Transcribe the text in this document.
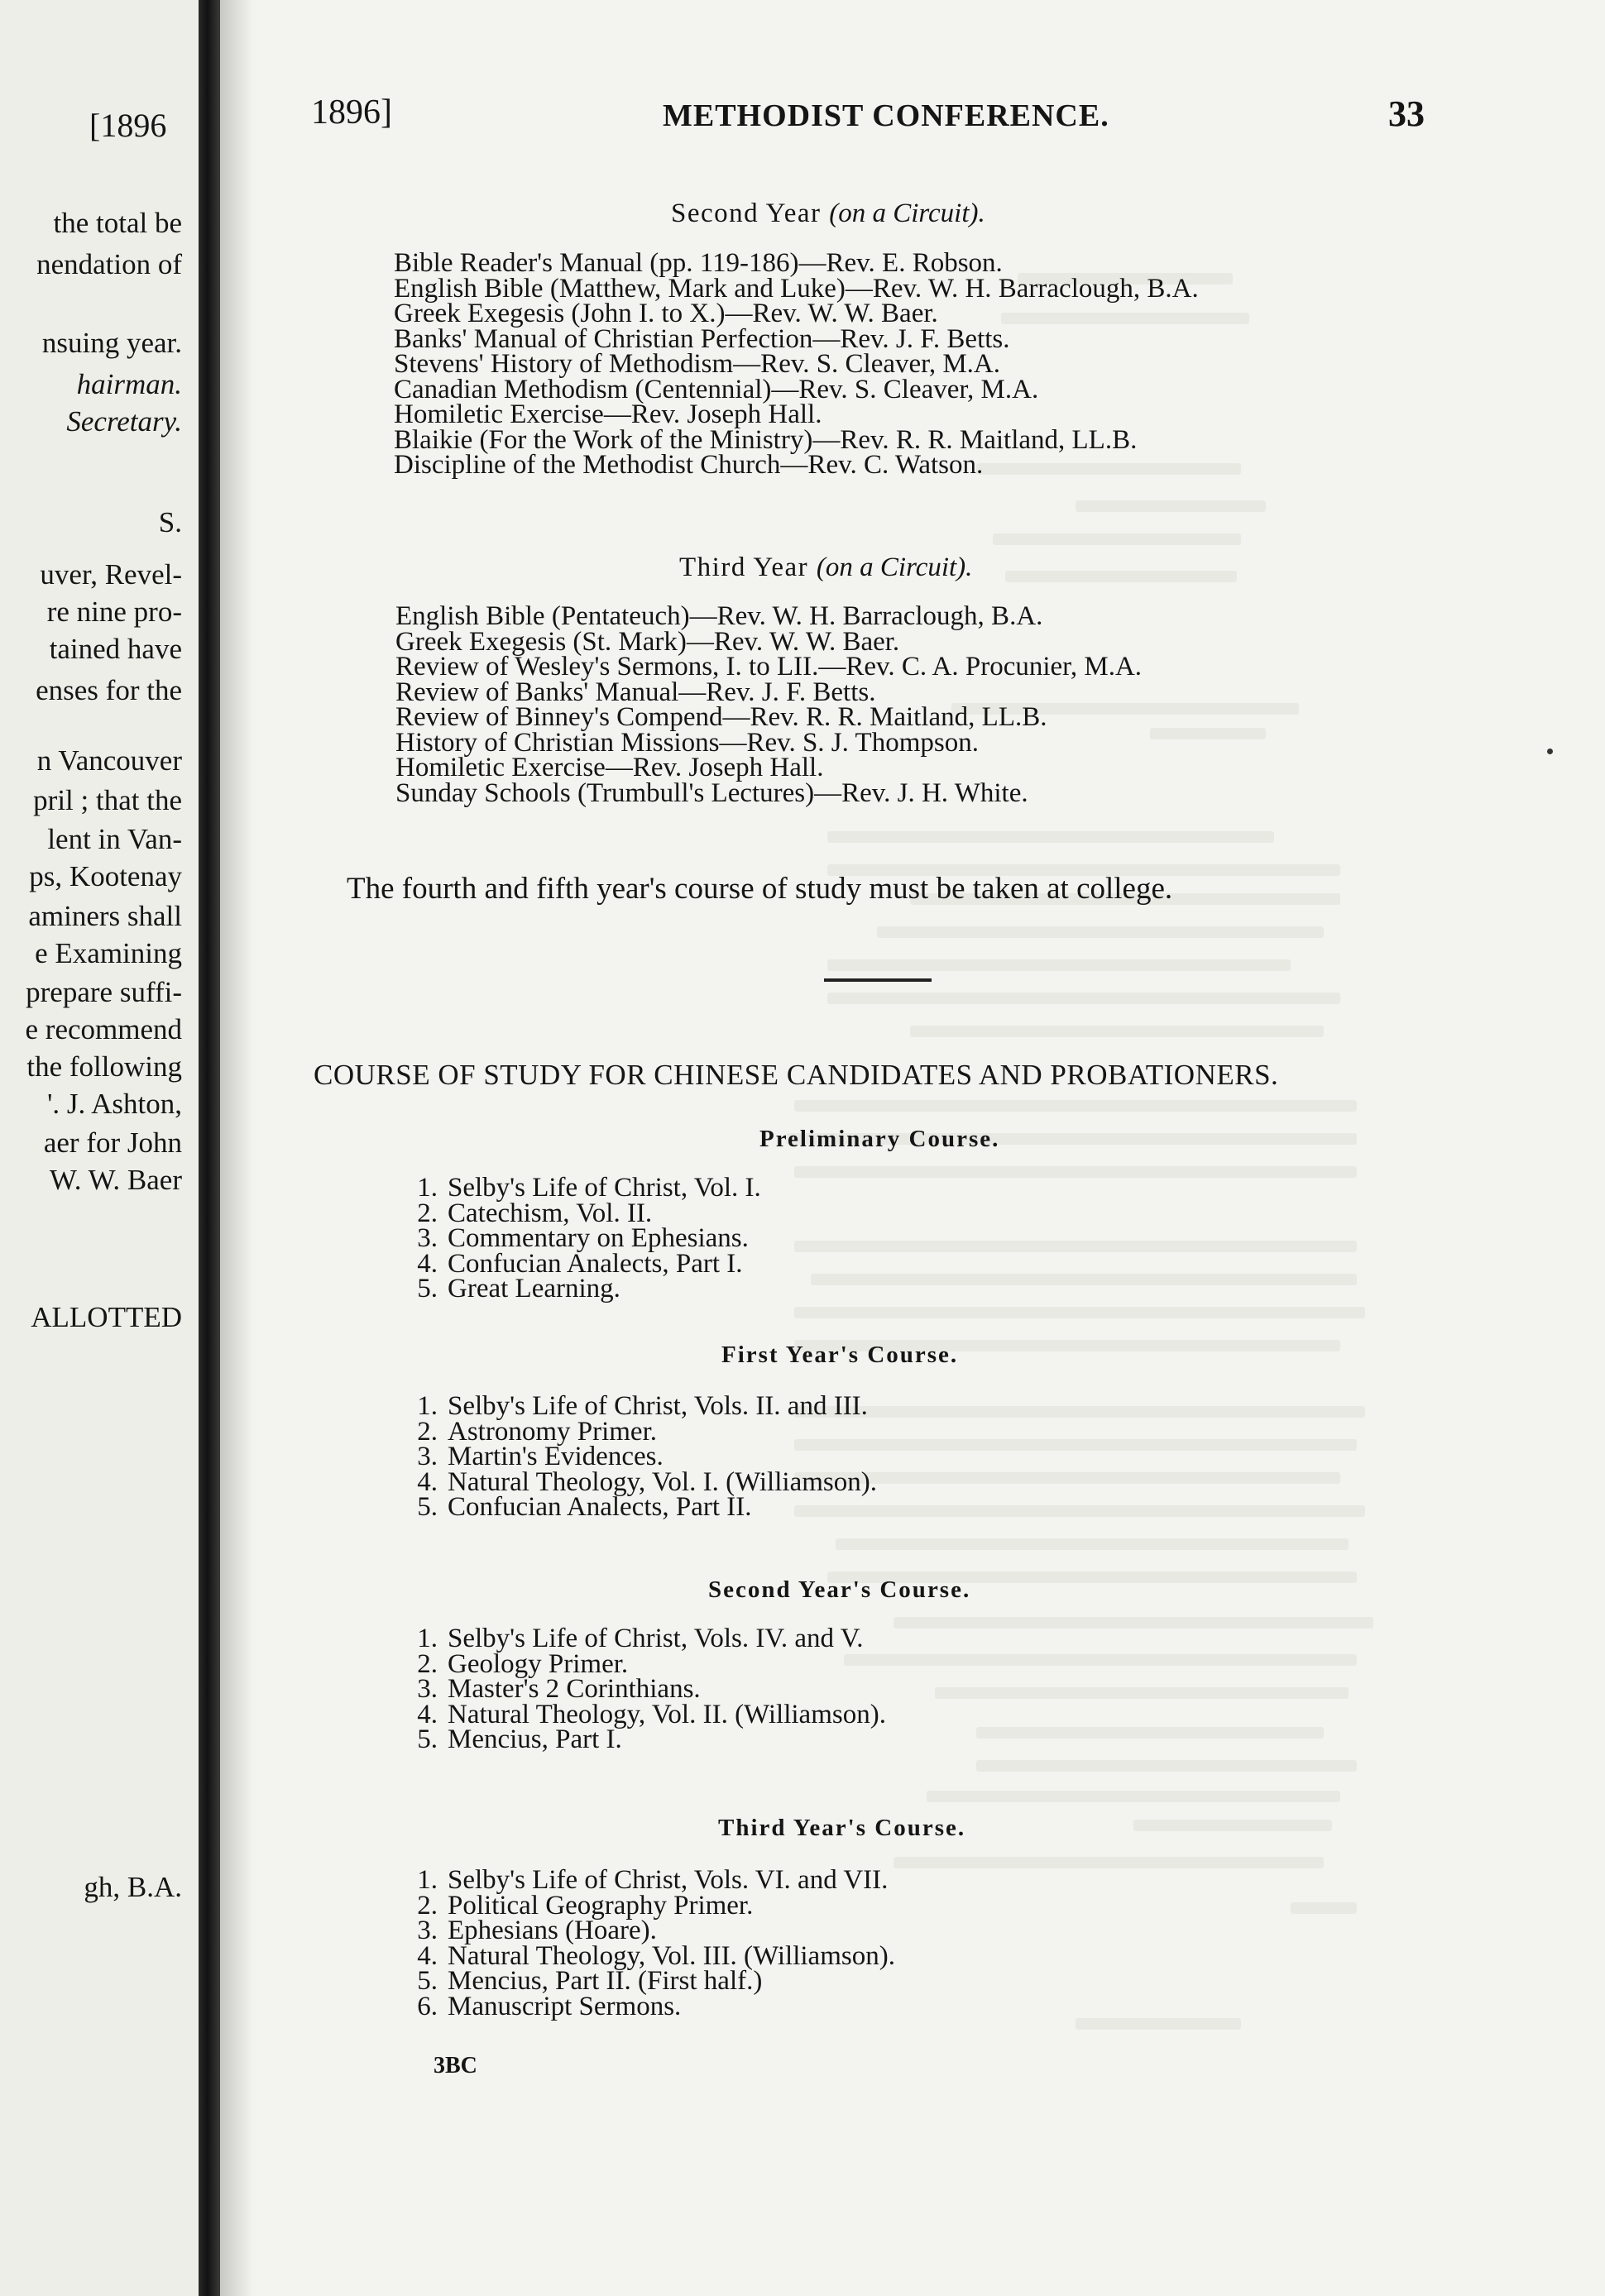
[1896
the total be
nendation of
nsuing year.
hairman.
Secretary.
S.
uver, Revel-
re nine pro-
tained have
enses for the
n Vancouver
pril ; that the
lent in Van-
ps, Kootenay
aminers shall
e Examining
prepare suffi-
e recommend
the following
'. J. Ashton,
aer for John
W. W. Baer
ALLOTTED
gh, B.A.
1896]	METHODIST CONFERENCE.	33
Second Year (on a Circuit).
Bible Reader's Manual (pp. 119-186)—Rev. E. Robson.
English Bible (Matthew, Mark and Luke)—Rev. W. H. Barraclough, B.A.
Greek Exegesis (John I. to X.)—Rev. W. W. Baer.
Banks' Manual of Christian Perfection—Rev. J. F. Betts.
Stevens' History of Methodism—Rev. S. Cleaver, M.A.
Canadian Methodism (Centennial)—Rev. S. Cleaver, M.A.
Homiletic Exercise—Rev. Joseph Hall.
Blaikie (For the Work of the Ministry)—Rev. R. R. Maitland, LL.B.
Discipline of the Methodist Church—Rev. C. Watson.
Third Year (on a Circuit).
English Bible (Pentateuch)—Rev. W. H. Barraclough, B.A.
Greek Exegesis (St. Mark)—Rev. W. W. Baer.
Review of Wesley's Sermons, I. to LII.—Rev. C. A. Procunier, M.A.
Review of Banks' Manual—Rev. J. F. Betts.
Review of Binney's Compend—Rev. R. R. Maitland, LL.B.
History of Christian Missions—Rev. S. J. Thompson.
Homiletic Exercise—Rev. Joseph Hall.
Sunday Schools (Trumbull's Lectures)—Rev. J. H. White.
The fourth and fifth year's course of study must be taken at college.
COURSE OF STUDY FOR CHINESE CANDIDATES AND PROBATIONERS.
Preliminary Course.
1. Selby's Life of Christ, Vol. I.
2. Catechism, Vol. II.
3. Commentary on Ephesians.
4. Confucian Analects, Part I.
5. Great Learning.
First Year's Course.
1. Selby's Life of Christ, Vols. II. and III.
2. Astronomy Primer.
3. Martin's Evidences.
4. Natural Theology, Vol. I. (Williamson).
5. Confucian Analects, Part II.
Second Year's Course.
1. Selby's Life of Christ, Vols. IV. and V.
2. Geology Primer.
3. Master's 2 Corinthians.
4. Natural Theology, Vol. II. (Williamson).
5. Mencius, Part I.
Third Year's Course.
1. Selby's Life of Christ, Vols. VI. and VII.
2. Political Geography Primer.
3. Ephesians (Hoare).
4. Natural Theology, Vol. III. (Williamson).
5. Mencius, Part II. (First half.)
6. Manuscript Sermons.
3BC
